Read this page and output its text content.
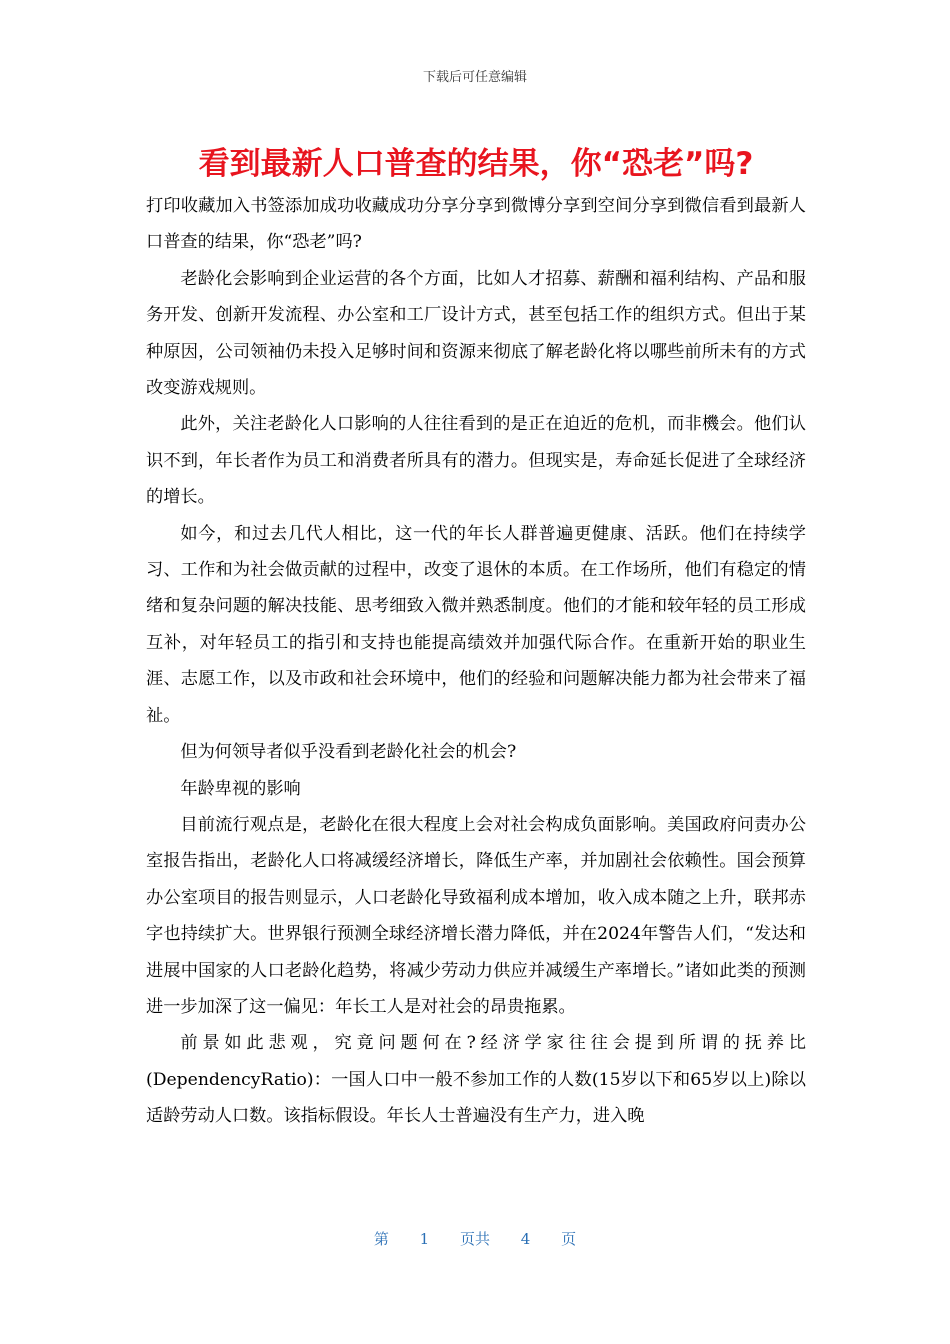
下载后可任意编辑
看到最新人口普查的结果，你“恐老”吗?

打印收藏加入书签添加成功收藏成功分享分享到微博分享到空间分享到微信看到最新人口普查的结果，你“恐老”吗?

老龄化会影响到企业运营的各个方面，比如人才招募、薪酬和福利结构、产品和服务开发、创新开发流程、办公室和工厂设计方式，甚至包括工作的组织方式。但出于某种原因，公司领袖仍未投入足够时间和资源来彻底了解老龄化将以哪些前所未有的方式改变游戏规则。

此外，关注老龄化人口影响的人往往看到的是正在迫近的危机，而非機会。他们认识不到，年长者作为员工和消费者所具有的潜力。但现实是，寿命延长促进了全球经济的增长。

如今，和过去几代人相比，这一代的年长人群普遍更健康、活跃。他们在持续学习、工作和为社会做贡献的过程中，改变了退休的本质。在工作场所，他们有稳定的情绪和复杂问题的解决技能、思考细致入微并熟悉制度。他们的才能和较年轻的员工形成互补，对年轻员工的指引和支持也能提高绩效并加强代际合作。在重新开始的职业生涯、志愿工作，以及市政和社会环境中，他们的经验和问题解决能力都为社会带来了福祉。

但为何领导者似乎没看到老龄化社会的机会?

年龄卑视的影响

目前流行观点是，老龄化在很大程度上会对社会构成负面影响。美国政府问责办公室报告指出，老龄化人口将减缓经济增长，降低生产率，并加剧社会依赖性。国会预算办公室项目的报告则显示，人口老龄化导致福利成本增加，收入成本随之上升，联邦赤字也持续扩大。世界银行预测全球经济增长潜力降低，并在2024年警告人们，“发达和进展中国家的人口老龄化趋势，将减少劳动力供应并减缓生产率增长。”诸如此类的预测进一步加深了这一偏见：年长工人是对社会的昂贵拖累。

前景如此悲观，究竟问题何在?经济学家往往会提到所谓的抚养比(DependencyRatio)：一国人口中一般不参加工作的人数(15岁以下和65岁以上)除以适龄劳动人口数。该指标假设。年长人士普遍没有生产力，进入晚

第 1 页共 4 页
